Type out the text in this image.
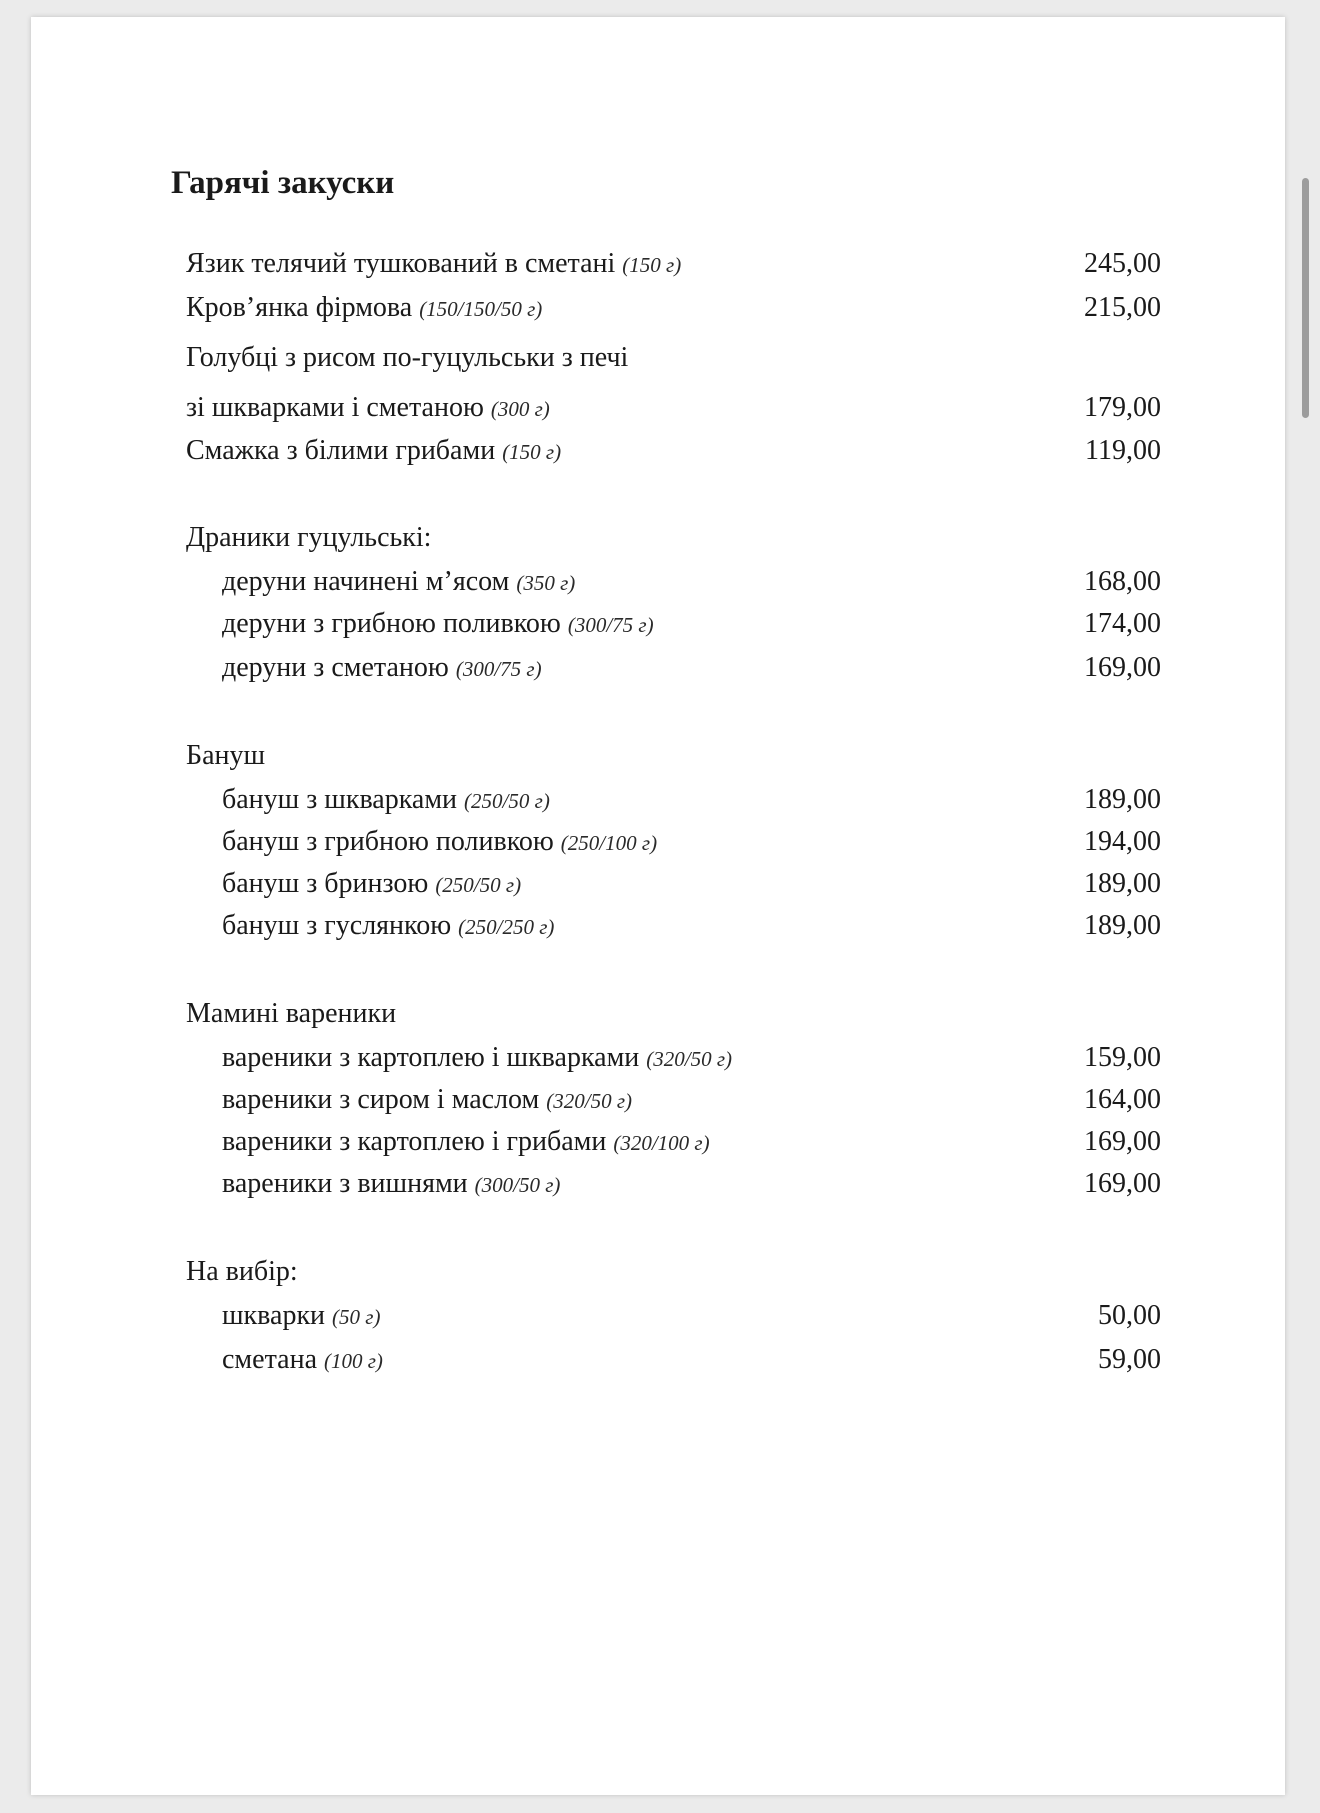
Гарячі закуски
Язик телячий тушкований в сметані (150 г)	245,00
Кров’янка фірмова (150/150/50 г)	215,00
Голубці з рисом по-гуцульськи з печі
зі шкварками і сметаною (300 г)	179,00
Смажка з білими грибами (150 г)	119,00
Драники гуцульські:
деруни начинені м’ясом (350 г)	168,00
деруни з грибною поливкою (300/75 г)	174,00
деруни з сметаною (300/75 г)	169,00
Бануш
бануш з шкварками (250/50 г)	189,00
бануш з грибною поливкою (250/100 г)	194,00
бануш з бринзою (250/50 г)	189,00
бануш з гуслянкою (250/250 г)	189,00
Мамині вареники
вареники з картоплею і шкварками (320/50 г)	159,00
вареники з сиром і маслом (320/50 г)	164,00
вареники з картоплею і грибами (320/100 г)	169,00
вареники з вишнями (300/50 г)	169,00
На вибір:
шкварки (50 г)	50,00
сметана (100 г)	59,00
